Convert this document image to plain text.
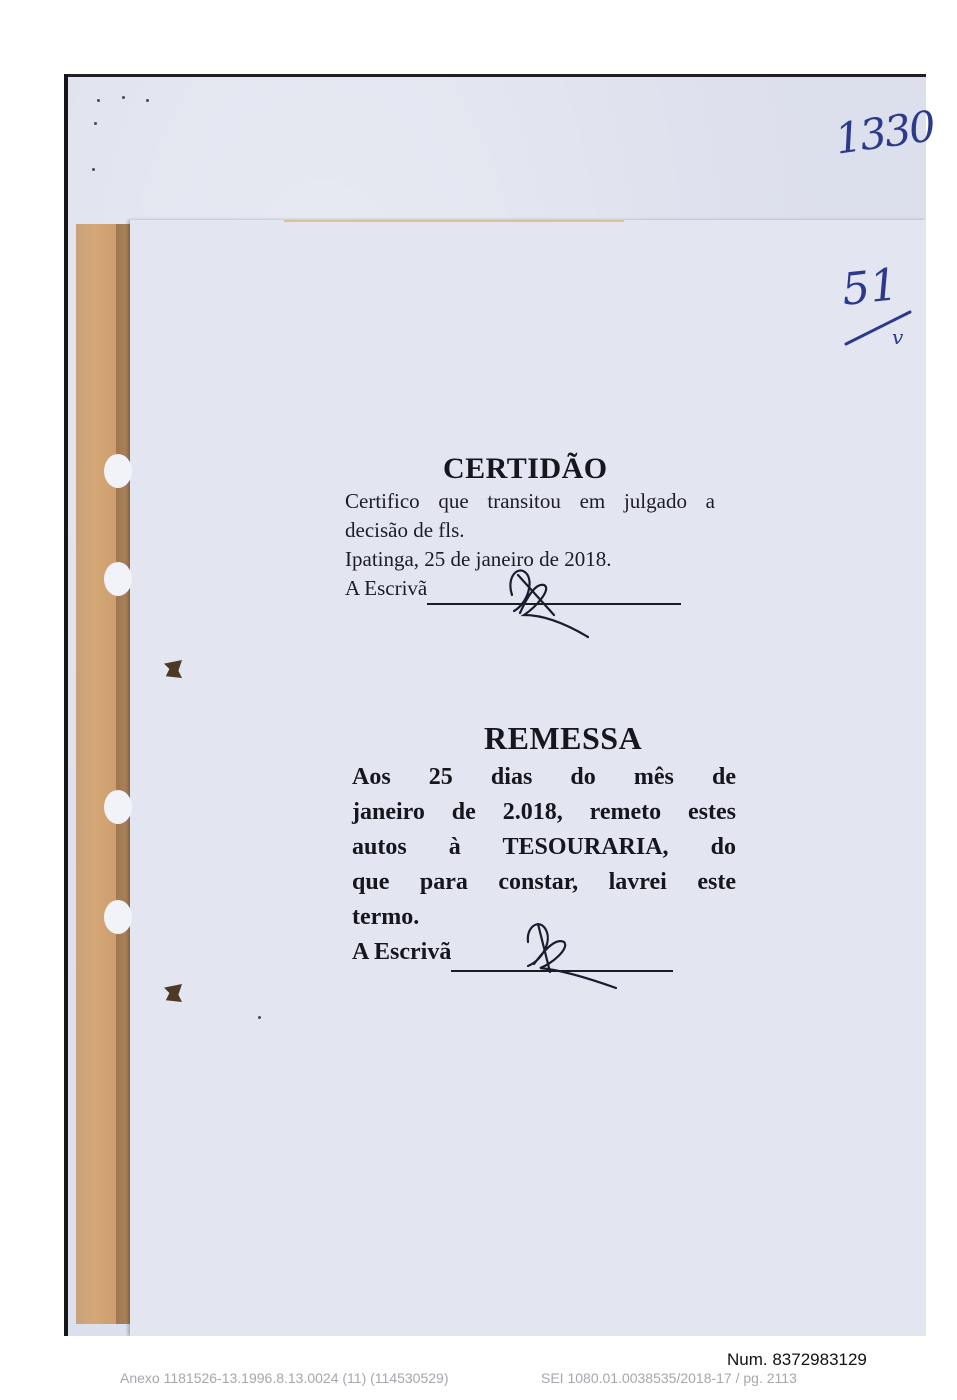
1330
51
v
CERTIDÃO

Certifico que transitou em julgado a

decisão de fls.

Ipatinga, 25 de janeiro de 2018.

A Escrivã

REMESSA

Aos 25 dias do mês de

janeiro de 2.018, remeto estes

autos à TESOURARIA, do

que para constar, lavrei este

termo.

A Escrivã

Num. 8372983129
Anexo 1181526-13.1996.8.13.0024 (11) (114530529)	SEI 1080.01.0038535/2018-17 / pg. 2113
